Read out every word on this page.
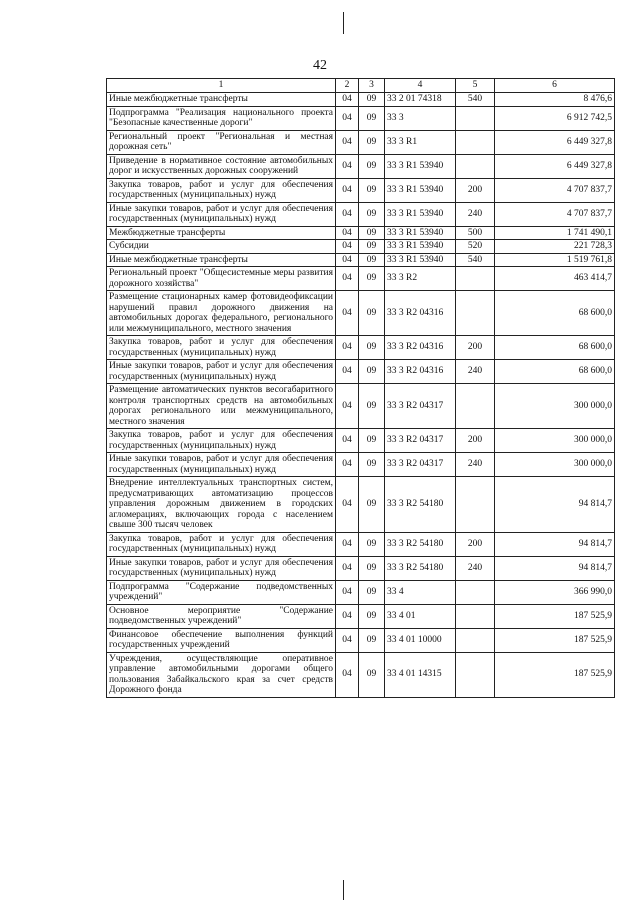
42
1	2	3	4	5	6
Иные межбюджетные трансферты	04	09	33 2 01 74318	540	8 476,6
Подпрограмма "Реализация национального проекта "Безопасные качественные дороги"	04	09	33 3		6 912 742,5
Региональный проект "Региональная и местная дорожная сеть"	04	09	33 3 R1		6 449 327,8
Приведение в нормативное состояние автомобильных дорог и искусственных дорожных сооружений	04	09	33 3 R1 53940		6 449 327,8
Закупка товаров, работ и услуг для обеспечения государственных (муниципальных) нужд	04	09	33 3 R1 53940	200	4 707 837,7
Иные закупки товаров, работ и услуг для обеспечения государственных (муниципальных) нужд	04	09	33 3 R1 53940	240	4 707 837,7
Межбюджетные трансферты	04	09	33 3 R1 53940	500	1 741 490,1
Субсидии	04	09	33 3 R1 53940	520	221 728,3
Иные межбюджетные трансферты	04	09	33 3 R1 53940	540	1 519 761,8
Региональный проект "Общесистемные меры развития дорожного хозяйства"	04	09	33 3 R2		463 414,7
Размещение стационарных камер фотовидеофиксации нарушений правил дорожного движения на автомобильных дорогах федерального, регионального или межмуниципального, местного значения	04	09	33 3 R2 04316		68 600,0
Закупка товаров, работ и услуг для обеспечения государственных (муниципальных) нужд	04	09	33 3 R2 04316	200	68 600,0
Иные закупки товаров, работ и услуг для обеспечения государственных (муниципальных) нужд	04	09	33 3 R2 04316	240	68 600,0
Размещение автоматических пунктов весогабаритного контроля транспортных средств на автомобильных дорогах регионального или межмуниципального, местного значения	04	09	33 3 R2 04317		300 000,0
Закупка товаров, работ и услуг для обеспечения государственных (муниципальных) нужд	04	09	33 3 R2 04317	200	300 000,0
Иные закупки товаров, работ и услуг для обеспечения государственных (муниципальных) нужд	04	09	33 3 R2 04317	240	300 000,0
Внедрение интеллектуальных транспортных систем, предусматривающих автоматизацию процессов управления дорожным движением в городских агломерациях, включающих города с населением свыше 300 тысяч человек	04	09	33 3 R2 54180		94 814,7
Закупка товаров, работ и услуг для обеспечения государственных (муниципальных) нужд	04	09	33 3 R2 54180	200	94 814,7
Иные закупки товаров, работ и услуг для обеспечения государственных (муниципальных) нужд	04	09	33 3 R2 54180	240	94 814,7
Подпрограмма "Содержание подведомственных учреждений"	04	09	33 4		366 990,0
Основное мероприятие "Содержание подведомственных учреждений"	04	09	33 4 01		187 525,9
Финансовое обеспечение выполнения функций государственных учреждений	04	09	33 4 01 10000		187 525,9
Учреждения, осуществляющие оперативное управление автомобильными дорогами общего пользования Забайкальского края за счет средств Дорожного фонда	04	09	33 4 01 14315		187 525,9
